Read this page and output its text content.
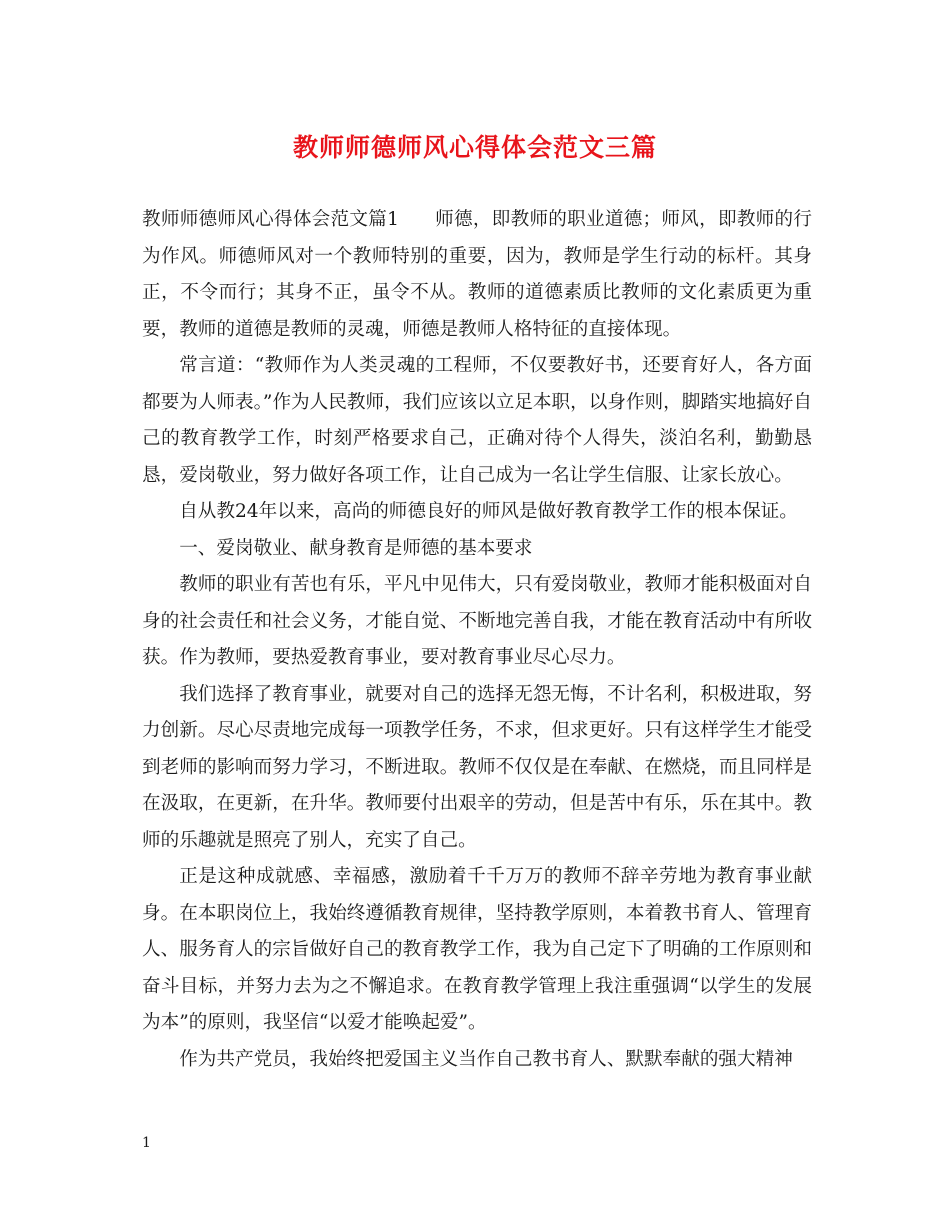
教师师德师风心得体会范文三篇

教师师德师风心得体会范文篇1 师德，即教师的职业道德；师风，即教师的行为作风。师德师风对一个教师特别的重要，因为，教师是学生行动的标杆。其身正，不令而行；其身不正，虽令不从。教师的道德素质比教师的文化素质更为重要，教师的道德是教师的灵魂，师德是教师人格特征的直接体现。

常言道：“教师作为人类灵魂的工程师，不仅要教好书，还要育好人，各方面都要为人师表。”作为人民教师，我们应该以立足本职，以身作则，脚踏实地搞好自己的教育教学工作，时刻严格要求自己，正确对待个人得失，淡泊名利，勤勤恳恳，爱岗敬业，努力做好各项工作，让自己成为一名让学生信服、让家长放心。

自从教24年以来，高尚的师德良好的师风是做好教育教学工作的根本保证。

一、爱岗敬业、献身教育是师德的基本要求

教师的职业有苦也有乐，平凡中见伟大，只有爱岗敬业，教师才能积极面对自身的社会责任和社会义务，才能自觉、不断地完善自我，才能在教育活动中有所收获。作为教师，要热爱教育事业，要对教育事业尽心尽力。

我们选择了教育事业，就要对自己的选择无怨无悔，不计名利，积极进取，努力创新。尽心尽责地完成每一项教学任务，不求，但求更好。只有这样学生才能受到老师的影响而努力学习，不断进取。教师不仅仅是在奉献、在燃烧，而且同样是在汲取，在更新，在升华。教师要付出艰辛的劳动，但是苦中有乐，乐在其中。教师的乐趣就是照亮了别人，充实了自己。

正是这种成就感、幸福感，激励着千千万万的教师不辞辛劳地为教育事业献身。在本职岗位上，我始终遵循教育规律，坚持教学原则，本着教书育人、管理育人、服务育人的宗旨做好自己的教育教学工作，我为自己定下了明确的工作原则和奋斗目标，并努力去为之不懈追求。在教育教学管理上我注重强调“以学生的发展为本”的原则，我坚信“以爱才能唤起爱”。

作为共产党员，我始终把爱国主义当作自己教书育人、默默奉献的强大精神

1
